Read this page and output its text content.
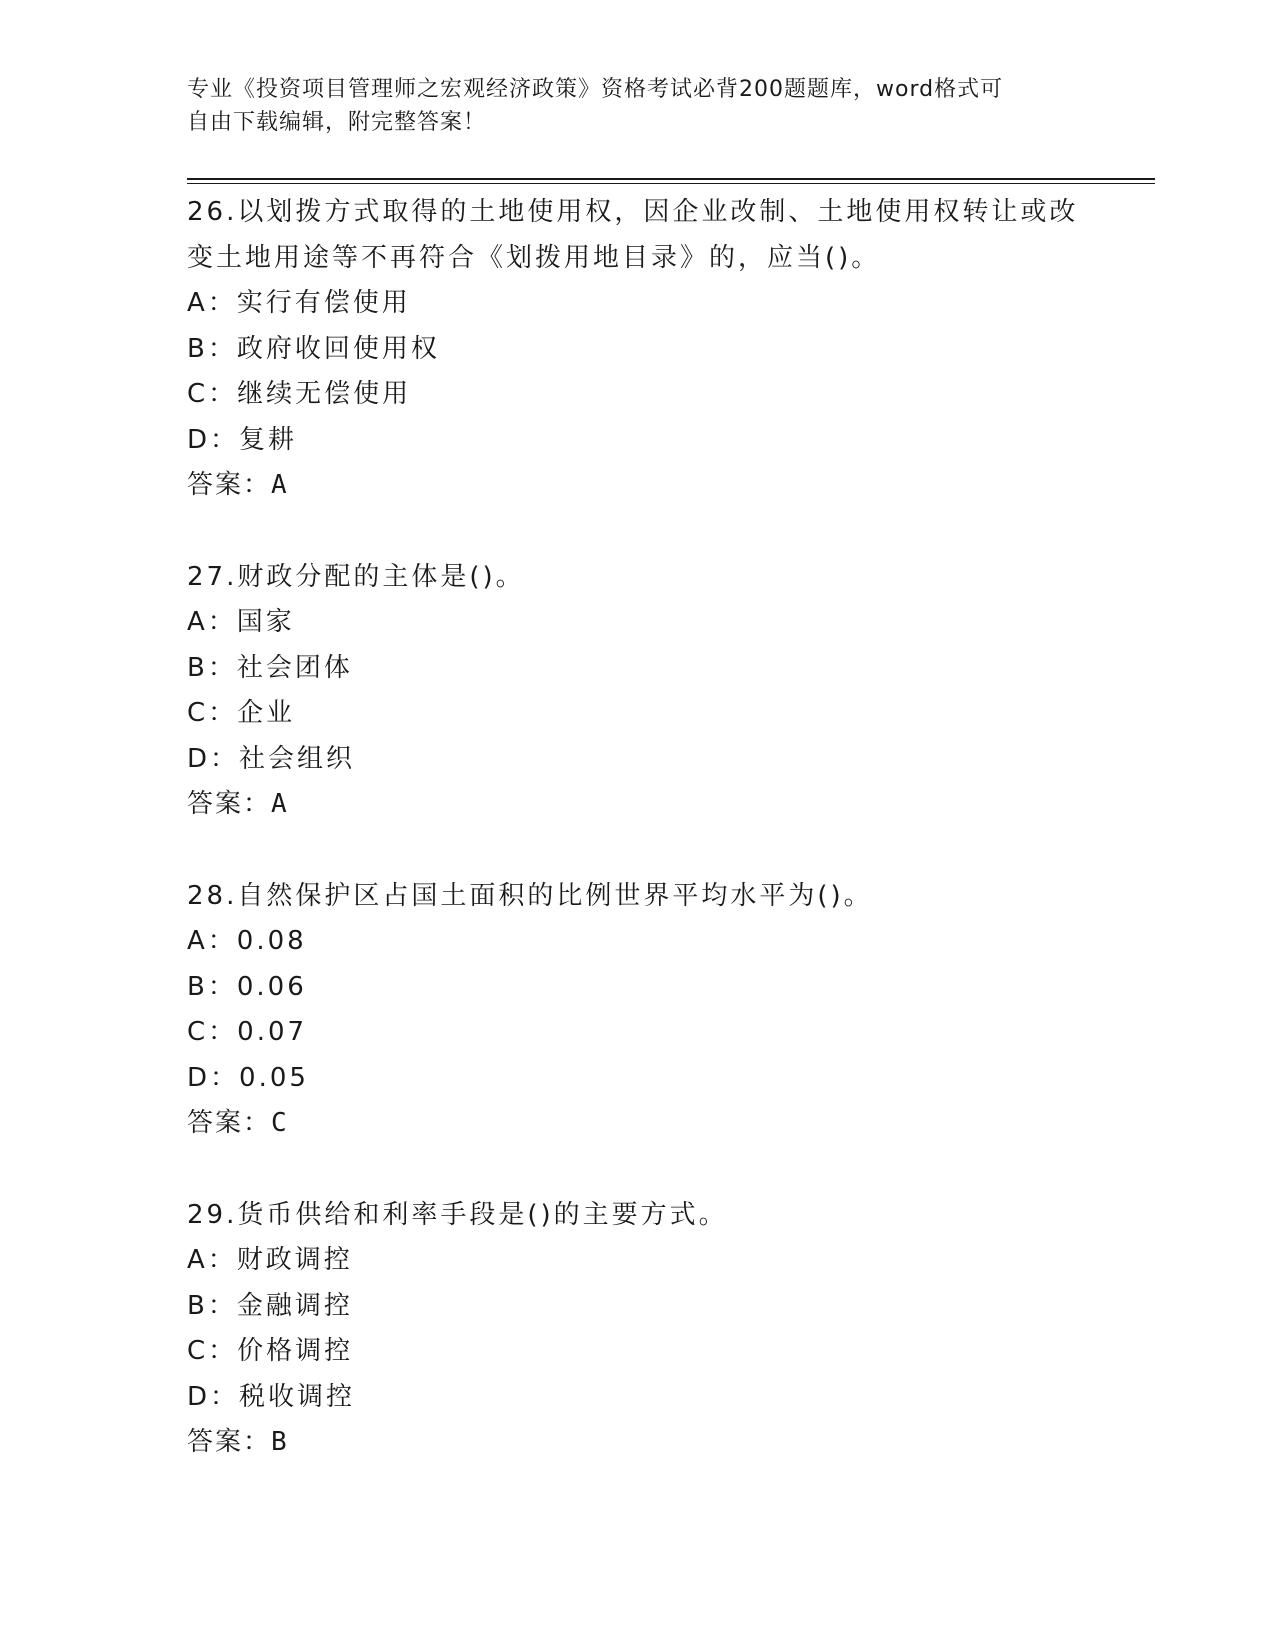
专业《投资项目管理师之宏观经济政策》资格考试必背200题题库，word格式可
自由下载编辑，附完整答案！
26.以划拨方式取得的土地使用权，因企业改制、土地使用权转让或改
变土地用途等不再符合《划拨用地目录》的，应当()。
A：实行有偿使用
B：政府收回使用权
C：继续无偿使用
D：复耕
答案：A
27.财政分配的主体是()。
A：国家
B：社会团体
C：企业
D：社会组织
答案：A
28.自然保护区占国土面积的比例世界平均水平为()。
A：0.08
B：0.06
C：0.07
D：0.05
答案：C
29.货币供给和利率手段是()的主要方式。
A：财政调控
B：金融调控
C：价格调控
D：税收调控
答案：B
